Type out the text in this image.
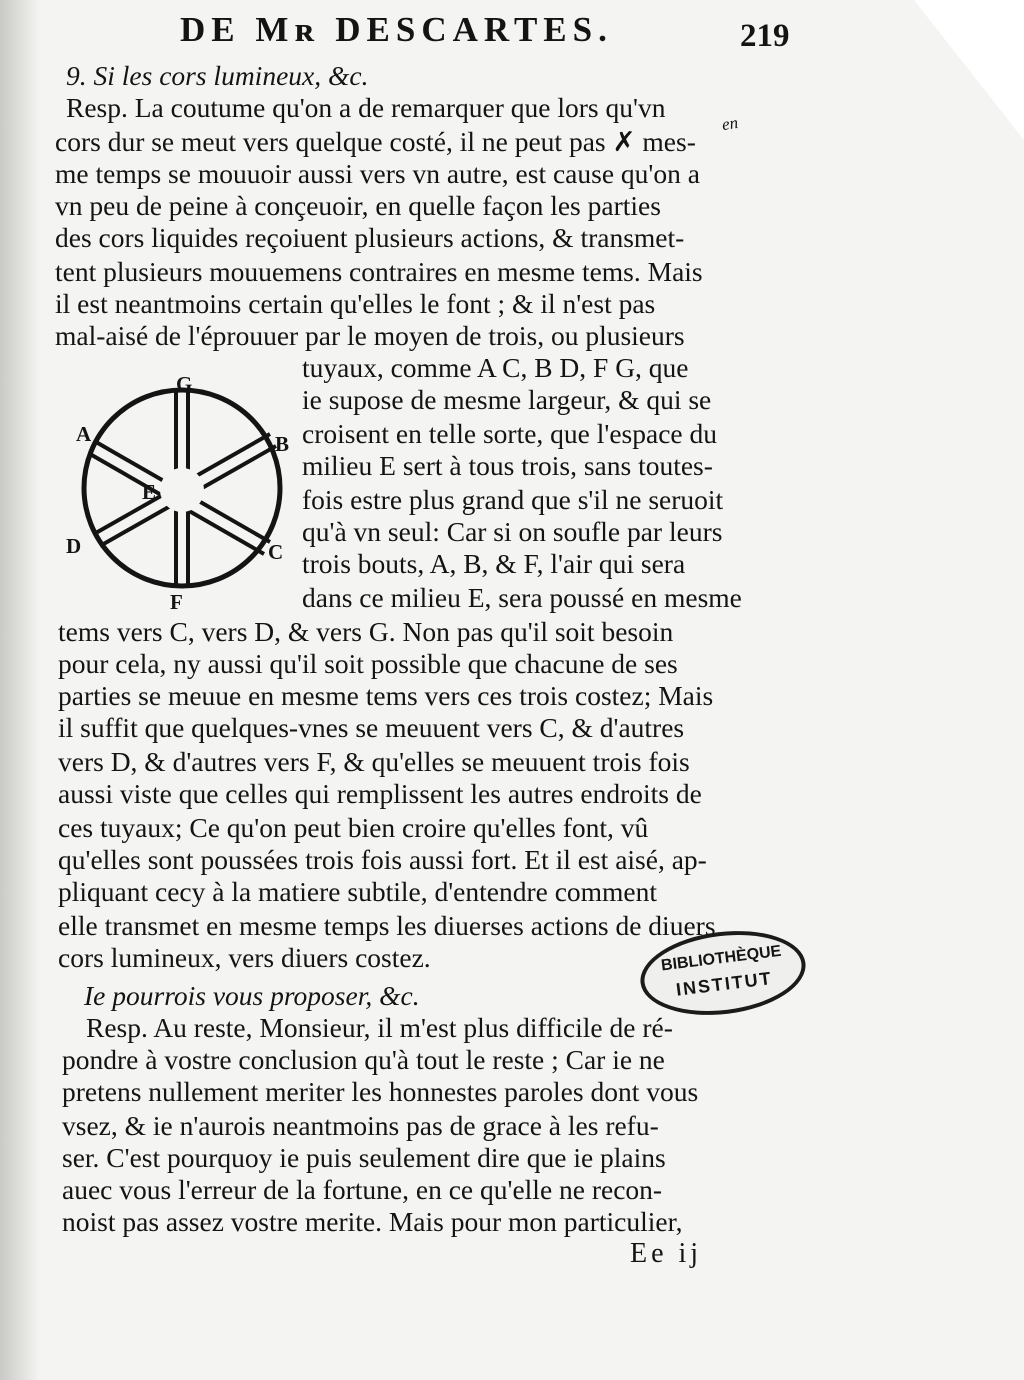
DE Mʀ DESCARTES.	219
en
9. Si les cors lumineux, &c.
Resp. La coutume qu'on a de remarquer que lors qu'vn
cors dur se meut vers quelque costé, il ne peut pas ✗ mes-
me temps se mouuoir aussi vers vn autre, est cause qu'on a
vn peu de peine à conçeuoir, en quelle façon les parties
des cors liquides reçoiuent plusieurs actions, & transmet-
tent plusieurs mouuemens contraires en mesme tems. Mais
il est neantmoins certain qu'elles le font ; & il n'est pas
mal-aisé de l'éprouuer par le moyen de trois, ou plusieurs
tuyaux, comme A C, B D, F G, que
ie supose de mesme largeur, & qui se
croisent en telle sorte, que l'espace du
milieu E sert à tous trois, sans toutes-
fois estre plus grand que s'il ne seruoit
qu'à vn seul: Car si on soufle par leurs
trois bouts, A, B, & F, l'air qui sera
dans ce milieu E, sera poussé en mesme
G
B
C
F
D
A
E
tems vers C, vers D, & vers G. Non pas qu'il soit besoin
pour cela, ny aussi qu'il soit possible que chacune de ses
parties se meuue en mesme tems vers ces trois costez; Mais
il suffit que quelques-vnes se meuuent vers C, & d'autres
vers D, & d'autres vers F, & qu'elles se meuuent trois fois
aussi viste que celles qui remplissent les autres endroits de
ces tuyaux; Ce qu'on peut bien croire qu'elles font, vû
qu'elles sont poussées trois fois aussi fort. Et il est aisé, ap-
pliquant cecy à la matiere subtile, d'entendre comment
elle transmet en mesme temps les diuerses actions de diuers
cors lumineux, vers diuers costez.
Ie pourrois vous proposer, &c.
Resp. Au reste, Monsieur, il m'est plus difficile de ré-
pondre à vostre conclusion qu'à tout le reste ; Car ie ne
pretens nullement meriter les honnestes paroles dont vous
vsez, & ie n'aurois neantmoins pas de grace à les refu-
ser. C'est pourquoy ie puis seulement dire que ie plains
auec vous l'erreur de la fortune, en ce qu'elle ne recon-
noist pas assez vostre merite. Mais pour mon particulier,
Ee ij
BIBLIOTHÈQUE
INSTITUT
